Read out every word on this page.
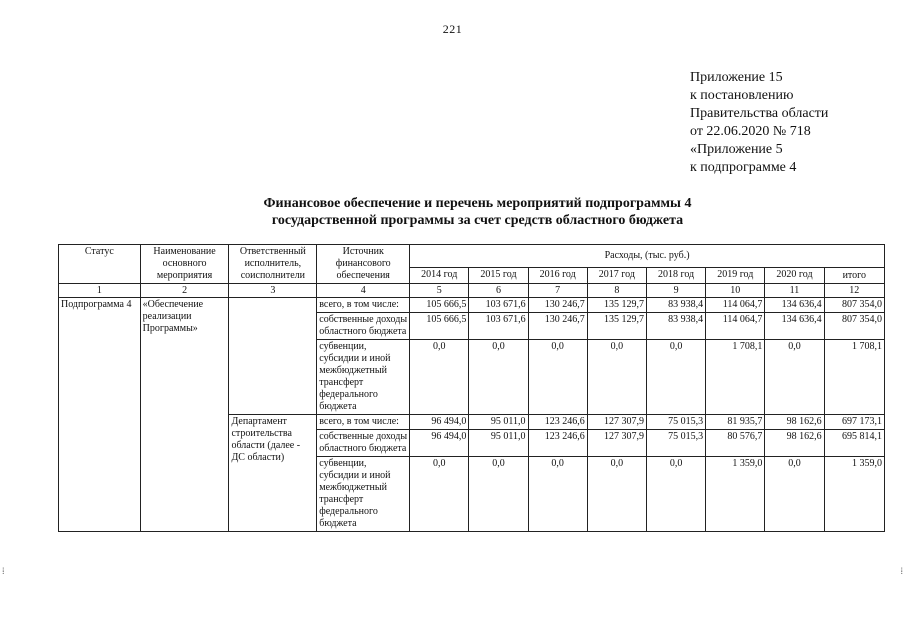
221
Приложение 15
к постановлению
Правительства области
от 22.06.2020 № 718
«Приложение 5
к подпрограмме 4
Финансовое обеспечение и перечень мероприятий подпрограммы 4
государственной программы за счет средств областного бюджета
Статус	Наименование основного мероприятия	Ответственный исполнитель, соисполнители	Источник финансового обеспечения	Расходы, (тыс. руб.)							
				2014 год	2015 год	2016 год	2017 год	2018 год	2019 год	2020 год	итого
1	2	3	4	5	6	7	8	9	10	11	12
Подпрограмма 4	«Обеспечение реализации Программы»		всего, в том числе:	105 666,5	103 671,6	130 246,7	135 129,7	83 938,4	114 064,7	134 636,4	807 354,0
			собственные доходы областного бюджета	105 666,5	103 671,6	130 246,7	135 129,7	83 938,4	114 064,7	134 636,4	807 354,0
			субвенции, субсидии и иной межбюджетный трансферт федерального бюджета	0,0	0,0	0,0	0,0	0,0	1 708,1	0,0	1 708,1
		Департамент строительства области (далее - ДС области)	всего, в том числе:	96 494,0	95 011,0	123 246,6	127 307,9	75 015,3	81 935,7	98 162,6	697 173,1
			собственные доходы областного бюджета	96 494,0	95 011,0	123 246,6	127 307,9	75 015,3	80 576,7	98 162,6	695 814,1
			субвенции, субсидии и иной межбюджетный трансферт федерального бюджета	0,0	0,0	0,0	0,0	0,0	1 359,0	0,0	1 359,0
⁞	⁞
